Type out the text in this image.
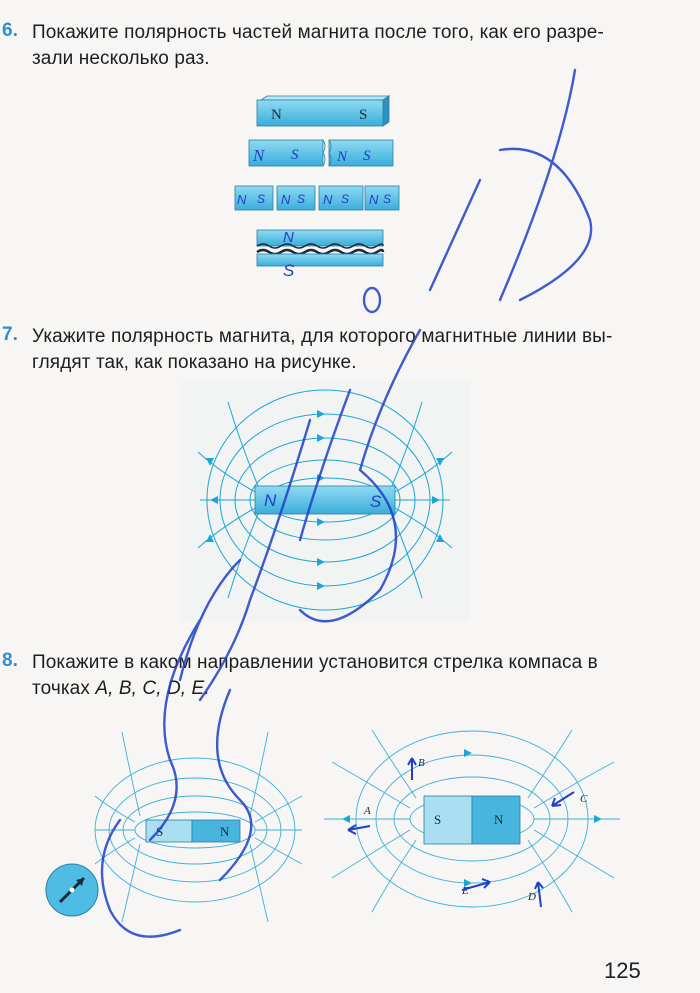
6. Покажите полярность частей магнита после того, как его разре-
зали несколько раз.
N	S
N S	N S
N S N S N S N S
N
S
7. Укажите полярность магнита, для которого магнитные линии вы-
глядят так, как показано на рисунке.
N	S
8. Покажите в каком направлении установится стрелка компаса в
точках A, B, C, D, E.
S	N
S	N
A
B
C
D
E
125
